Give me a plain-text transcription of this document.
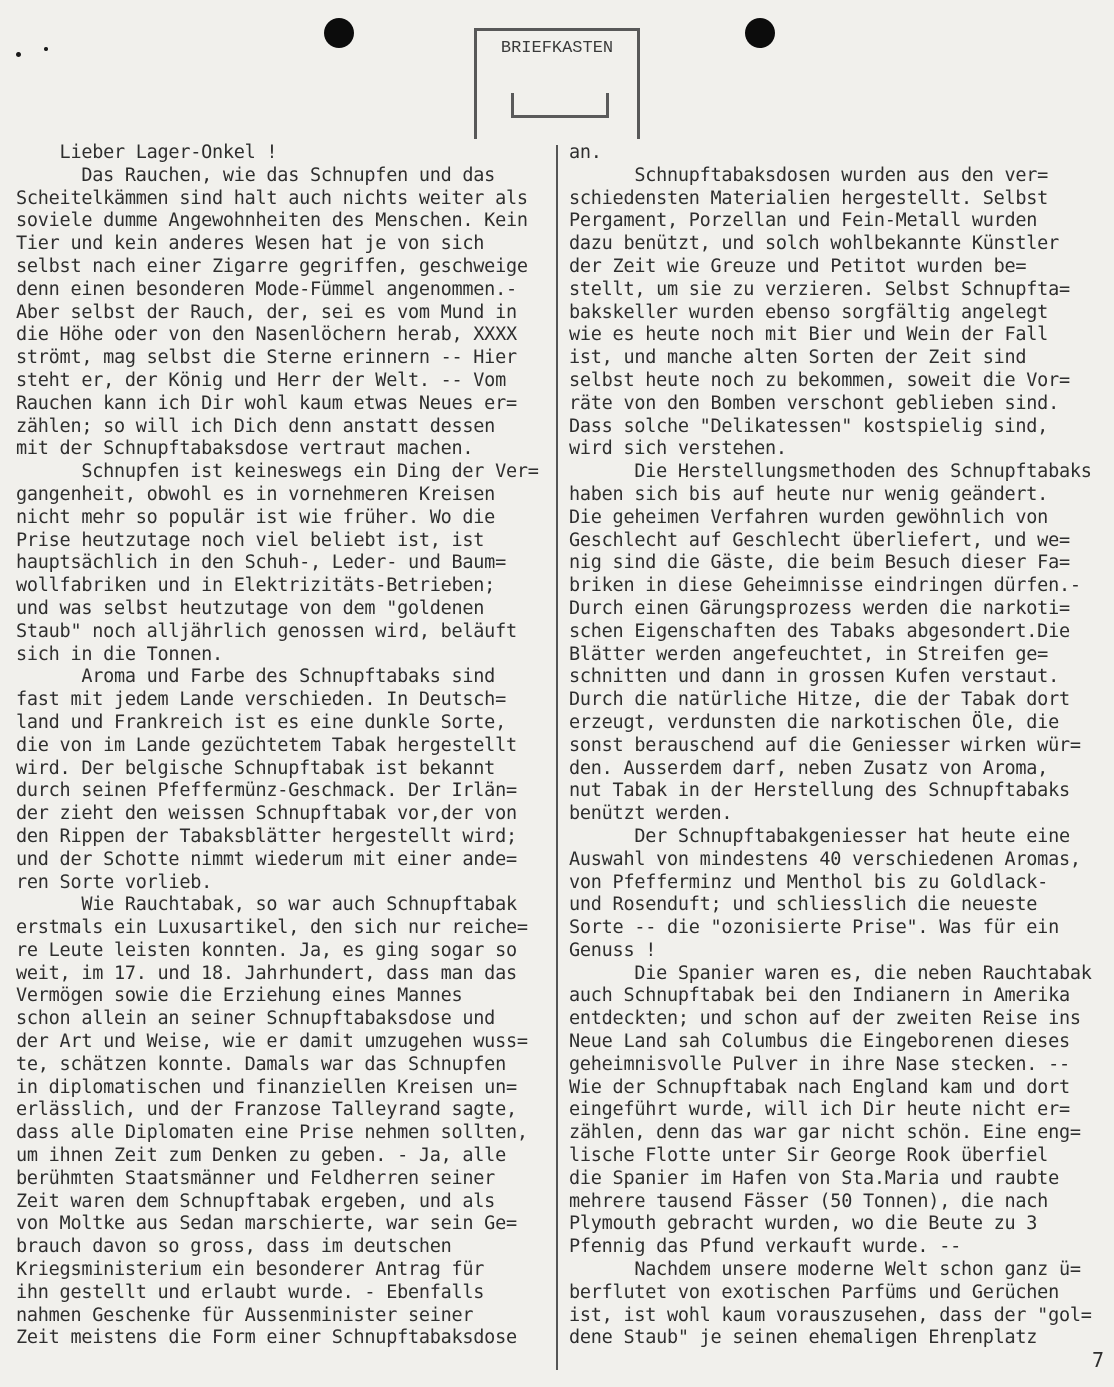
BRIEFKASTEN
Lieber Lager-Onkel !
Das Rauchen, wie das Schnupfen und das
Scheitelkämmen sind halt auch nichts weiter als
soviele dumme Angewohnheiten des Menschen. Kein
Tier und kein anderes Wesen hat je von sich
selbst nach einer Zigarre gegriffen, geschweige
denn einen besonderen Mode-Fümmel angenommen.-
Aber selbst der Rauch, der, sei es vom Mund in
die Höhe oder von den Nasenlöchern herab, XXXX
strömt, mag selbst die Sterne erinnern -- Hier
steht er, der König und Herr der Welt. -- Vom
Rauchen kann ich Dir wohl kaum etwas Neues er=
zählen; so will ich Dich denn anstatt dessen
mit der Schnupftabaksdose vertraut machen.
Schnupfen ist keineswegs ein Ding der Ver=
gangenheit, obwohl es in vornehmeren Kreisen
nicht mehr so populär ist wie früher. Wo die
Prise heutzutage noch viel beliebt ist, ist
hauptsächlich in den Schuh-, Leder- und Baum=
wollfabriken und in Elektrizitäts-Betrieben;
und was selbst heutzutage von dem "goldenen
Staub" noch alljährlich genossen wird, beläuft
sich in die Tonnen.
Aroma und Farbe des Schnupftabaks sind
fast mit jedem Lande verschieden. In Deutsch=
land und Frankreich ist es eine dunkle Sorte,
die von im Lande gezüchtetem Tabak hergestellt
wird. Der belgische Schnupftabak ist bekannt
durch seinen Pfeffermünz-Geschmack. Der Irlän=
der zieht den weissen Schnupftabak vor,der von
den Rippen der Tabaksblätter hergestellt wird;
und der Schotte nimmt wiederum mit einer ande=
ren Sorte vorlieb.
Wie Rauchtabak, so war auch Schnupftabak
erstmals ein Luxusartikel, den sich nur reiche=
re Leute leisten konnten. Ja, es ging sogar so
weit, im 17. und 18. Jahrhundert, dass man das
Vermögen sowie die Erziehung eines Mannes
schon allein an seiner Schnupftabaksdose und
der Art und Weise, wie er damit umzugehen wuss=
te, schätzen konnte. Damals war das Schnupfen
in diplomatischen und finanziellen Kreisen un=
erlässlich, und der Franzose Talleyrand sagte,
dass alle Diplomaten eine Prise nehmen sollten,
um ihnen Zeit zum Denken zu geben. - Ja, alle
berühmten Staatsmänner und Feldherren seiner
Zeit waren dem Schnupftabak ergeben, und als
von Moltke aus Sedan marschierte, war sein Ge=
brauch davon so gross, dass im deutschen
Kriegsministerium ein besonderer Antrag für
ihn gestellt und erlaubt wurde. - Ebenfalls
nahmen Geschenke für Aussenminister seiner
Zeit meistens die Form einer Schnupftabaksdose
an.
Schnupftabaksdosen wurden aus den ver=
schiedensten Materialien hergestellt. Selbst
Pergament, Porzellan und Fein-Metall wurden
dazu benützt, und solch wohlbekannte Künstler
der Zeit wie Greuze und Petitot wurden be=
stellt, um sie zu verzieren. Selbst Schnupfta=
bakskeller wurden ebenso sorgfältig angelegt
wie es heute noch mit Bier und Wein der Fall
ist, und manche alten Sorten der Zeit sind
selbst heute noch zu bekommen, soweit die Vor=
räte von den Bomben verschont geblieben sind.
Dass solche "Delikatessen" kostspielig sind,
wird sich verstehen.
Die Herstellungsmethoden des Schnupftabaks
haben sich bis auf heute nur wenig geändert.
Die geheimen Verfahren wurden gewöhnlich von
Geschlecht auf Geschlecht überliefert, und we=
nig sind die Gäste, die beim Besuch dieser Fa=
briken in diese Geheimnisse eindringen dürfen.-
Durch einen Gärungsprozess werden die narkoti=
schen Eigenschaften des Tabaks abgesondert.Die
Blätter werden angefeuchtet, in Streifen ge=
schnitten und dann in grossen Kufen verstaut.
Durch die natürliche Hitze, die der Tabak dort
erzeugt, verdunsten die narkotischen Öle, die
sonst berauschend auf die Geniesser wirken wür=
den. Ausserdem darf, neben Zusatz von Aroma,
nut Tabak in der Herstellung des Schnupftabaks
benützt werden.
Der Schnupftabakgeniesser hat heute eine
Auswahl von mindestens 40 verschiedenen Aromas,
von Pfefferminz und Menthol bis zu Goldlack-
und Rosenduft; und schliesslich die neueste
Sorte -- die "ozonisierte Prise". Was für ein
Genuss !
Die Spanier waren es, die neben Rauchtabak
auch Schnupftabak bei den Indianern in Amerika
entdeckten; und schon auf der zweiten Reise ins
Neue Land sah Columbus die Eingeborenen dieses
geheimnisvolle Pulver in ihre Nase stecken. --
Wie der Schnupftabak nach England kam und dort
eingeführt wurde, will ich Dir heute nicht er=
zählen, denn das war gar nicht schön. Eine eng=
lische Flotte unter Sir George Rook überfiel
die Spanier im Hafen von Sta.Maria und raubte
mehrere tausend Fässer (50 Tonnen), die nach
Plymouth gebracht wurden, wo die Beute zu 3
Pfennig das Pfund verkauft wurde. --
Nachdem unsere moderne Welt schon ganz ü=
berflutet von exotischen Parfüms und Gerüchen
ist, ist wohl kaum vorauszusehen, dass der "gol=
dene Staub" je seinen ehemaligen Ehrenplatz
7
